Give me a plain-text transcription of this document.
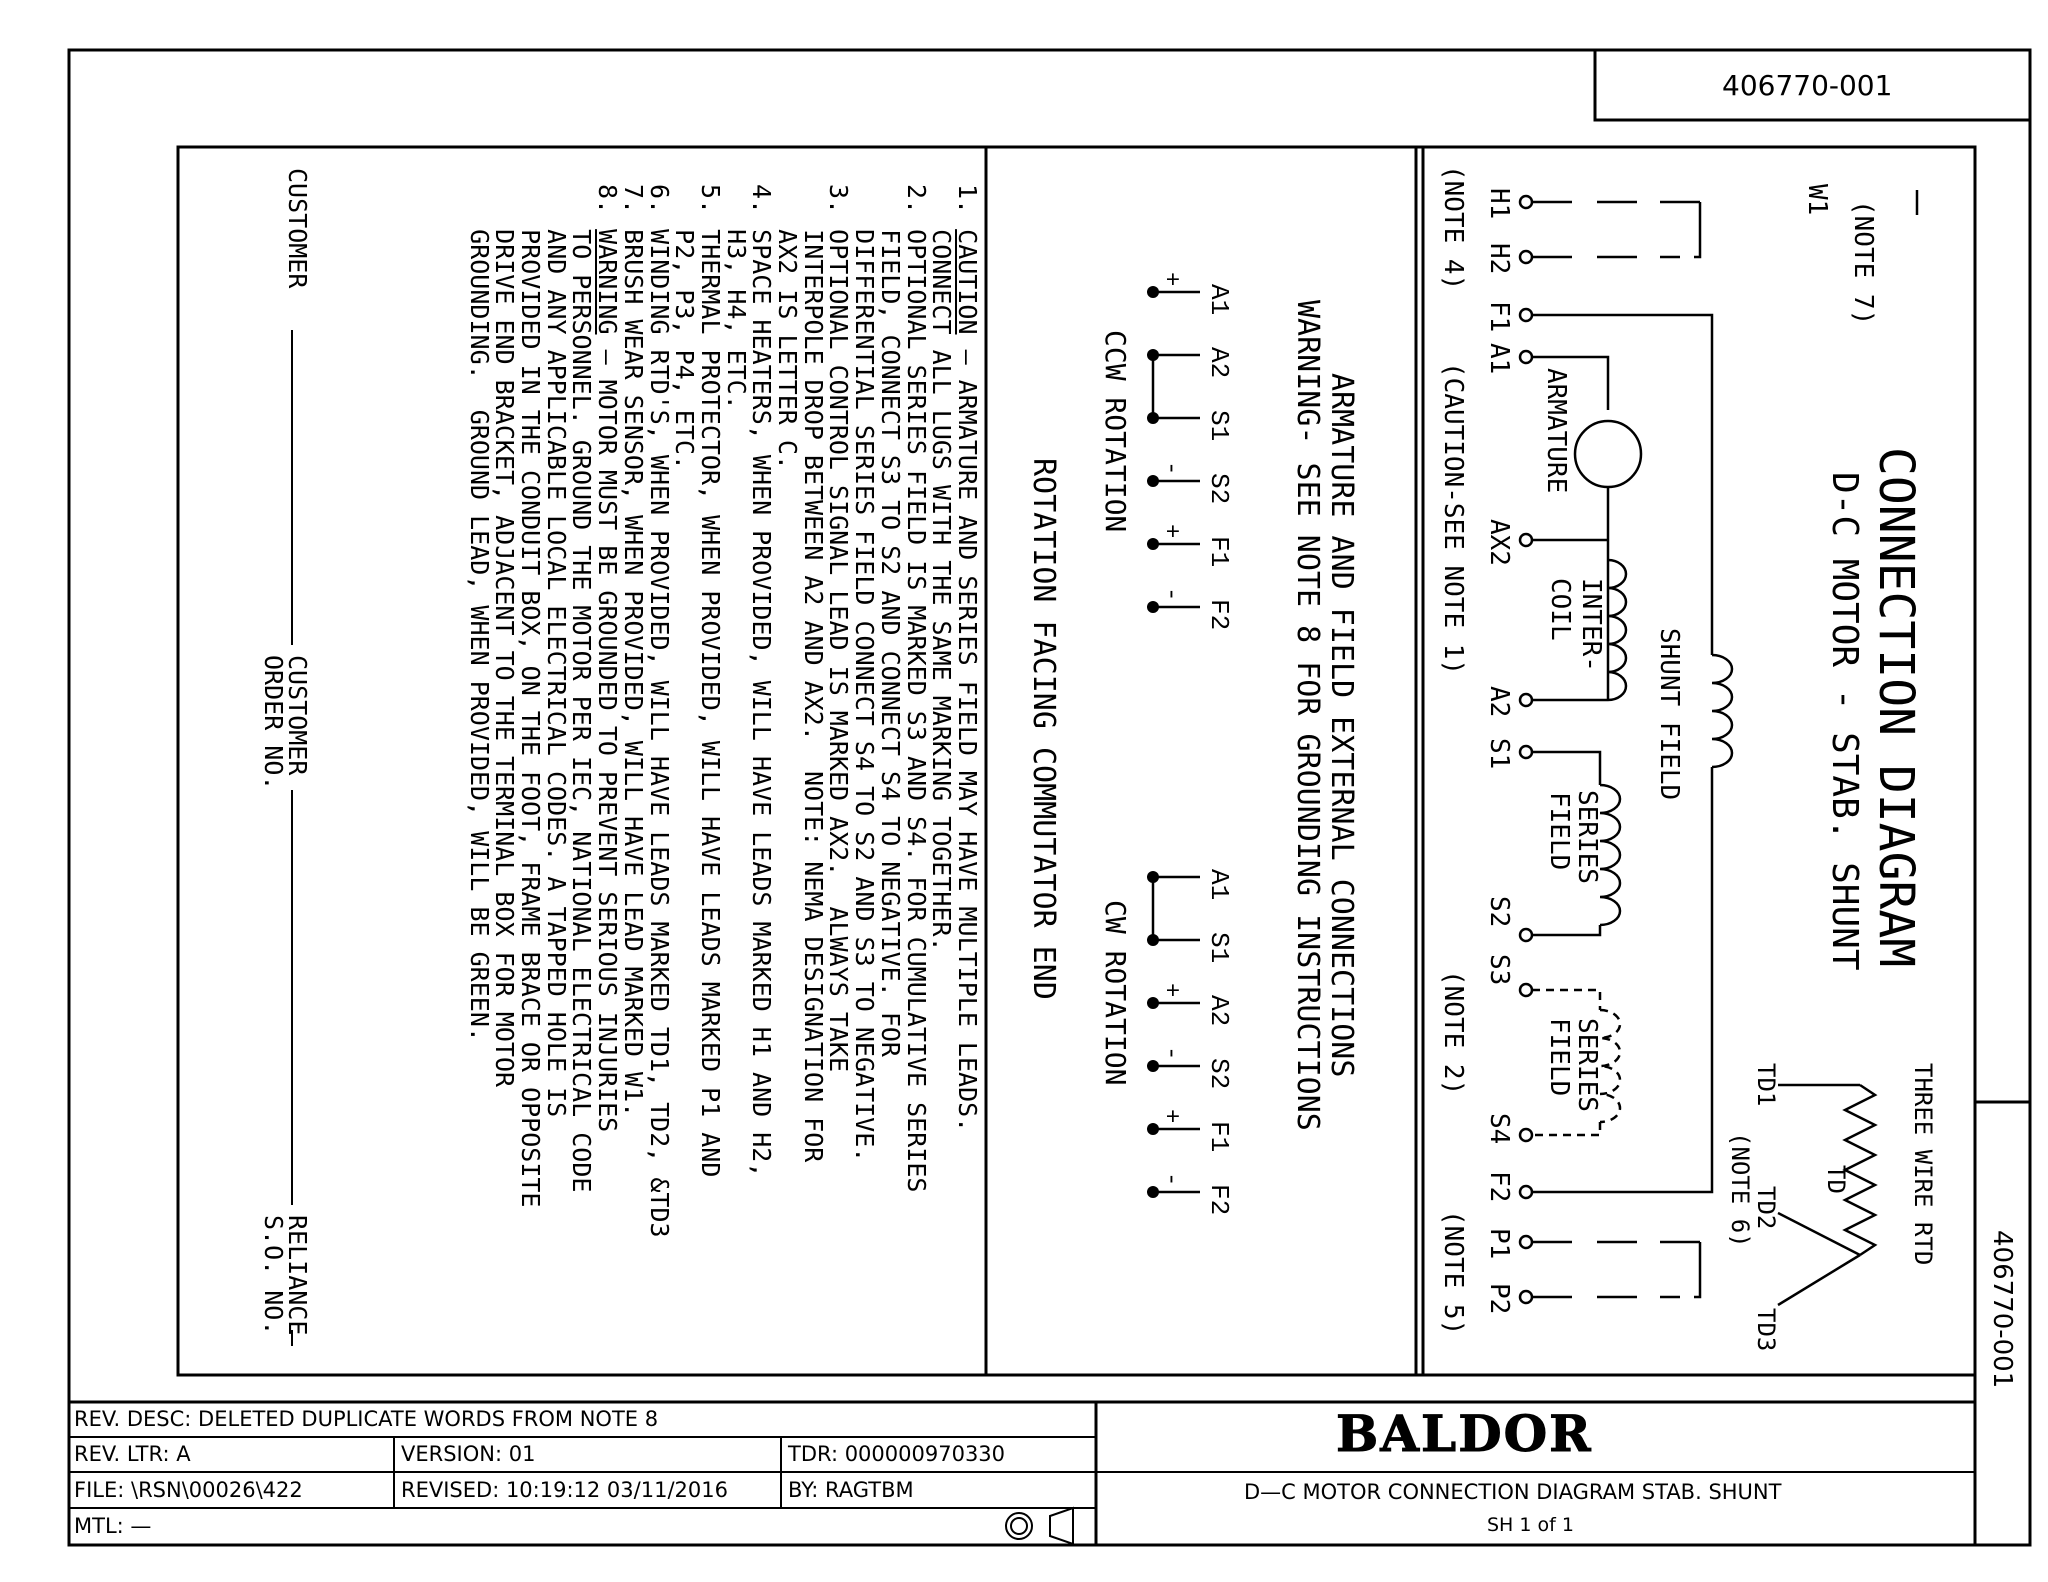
1. CAUTION — ARMATURE AND SERIES FIELD MAY HAVE MULTIPLE LEADS.
CONNECT ALL LUGS WITH THE SAME MARKING TOGETHER.
2. OPTIONAL SERIES FIELD IS MARKED S3 AND S4. FOR CUMULATIVE SERIES
FIELD, CONNECT S3 TO S2 AND CONNECT S4 TO NEGATIVE. FOR
DIFFERENTIAL SERIES FIELD CONNECT S4 TO S2 AND S3 TO NEGATIVE.
3. OPTIONAL CONTROL SIGNAL LEAD IS MARKED AX2.  ALWAYS TAKE
INTERPOLE DROP BETWEEN A2 AND AX2.  NOTE: NEMA DESIGNATION FOR
AX2 IS LETTER C.
4. SPACE HEATERS, WHEN PROVIDED, WILL HAVE LEADS MARKED H1 AND H2,
H3, H4, ETC.
5. THERMAL PROTECTOR, WHEN PROVIDED, WILL HAVE LEADS MARKED P1 AND
P2, P3, P4, ETC.
6. WINDING RTD'S, WHEN PROVIDED, WILL HAVE LEADS MARKED TD1, TD2, &TD3
7. BRUSH WEAR SENSOR, WHEN PROVIDED, WILL HAVE LEAD MARKED W1.
8. WARNING — MOTOR MUST BE GROUNDED TO PREVENT SERIOUS INJURIES
TO PERSONNEL. GROUND THE MOTOR PER IEC, NATIONAL ELECTRICAL CODE
AND ANY APPLICABLE LOCAL ELECTRICAL CODES. A TAPPED HOLE IS
PROVIDED IN THE CONDUIT BOX, ON THE FOOT, FRAME BRACE OR OPPOSITE
DRIVE END BRACKET, ADJACENT TO THE TERMINAL BOX FOR MOTOR
GROUNDING.  GROUND LEAD, WHEN PROVIDED, WILL BE GREEN.
CUSTOMER
RELIANCE
S.O. NO.
CUSTOMER
ORDER NO.	ARMATURE AND FIELD EXTERNAL CONNECTIONS
WARNING- SEE NOTE 8 FOR GROUNDING INSTRUCTIONS
ROTATION FACING COMMUTATOR END
CCW ROTATION
CW ROTATION
A1
+
A2
S1
S2
-
F1
+
F2
-
A1
S1
A2
+
S2
-
F1
+
F2
-
CONNECTION DIAGRAM
D-C MOTOR - STAB. SHUNT
(NOTE 7)
W1
H1
H2
F1
A1
AX2
A2
S1
S2
S3
S4
F2
P1
P2
(NOTE 4)
(CAUTION-SEE NOTE 1)
(NOTE 2)
(NOTE 5)
ARMATURE
INTER-
COIL
SHUNT FIELD
SERIES
FIELD
SERIES
FIELD
THREE WIRE RTD
TD1
TD2
TD3
TD
(NOTE 6)
406770-001
406770-001
REV. DESC: DELETED DUPLICATE WORDS FROM NOTE 8
REV. LTR: A	VERSION: 01	TDR: 000000970330
FILE: \RSN\00026\422	REVISED: 10:19:12 03/11/2016	BY: RAGTBM
MTL: —
BALDOR
D—C MOTOR CONNECTION DIAGRAM STAB. SHUNT
SH 1 of 1
